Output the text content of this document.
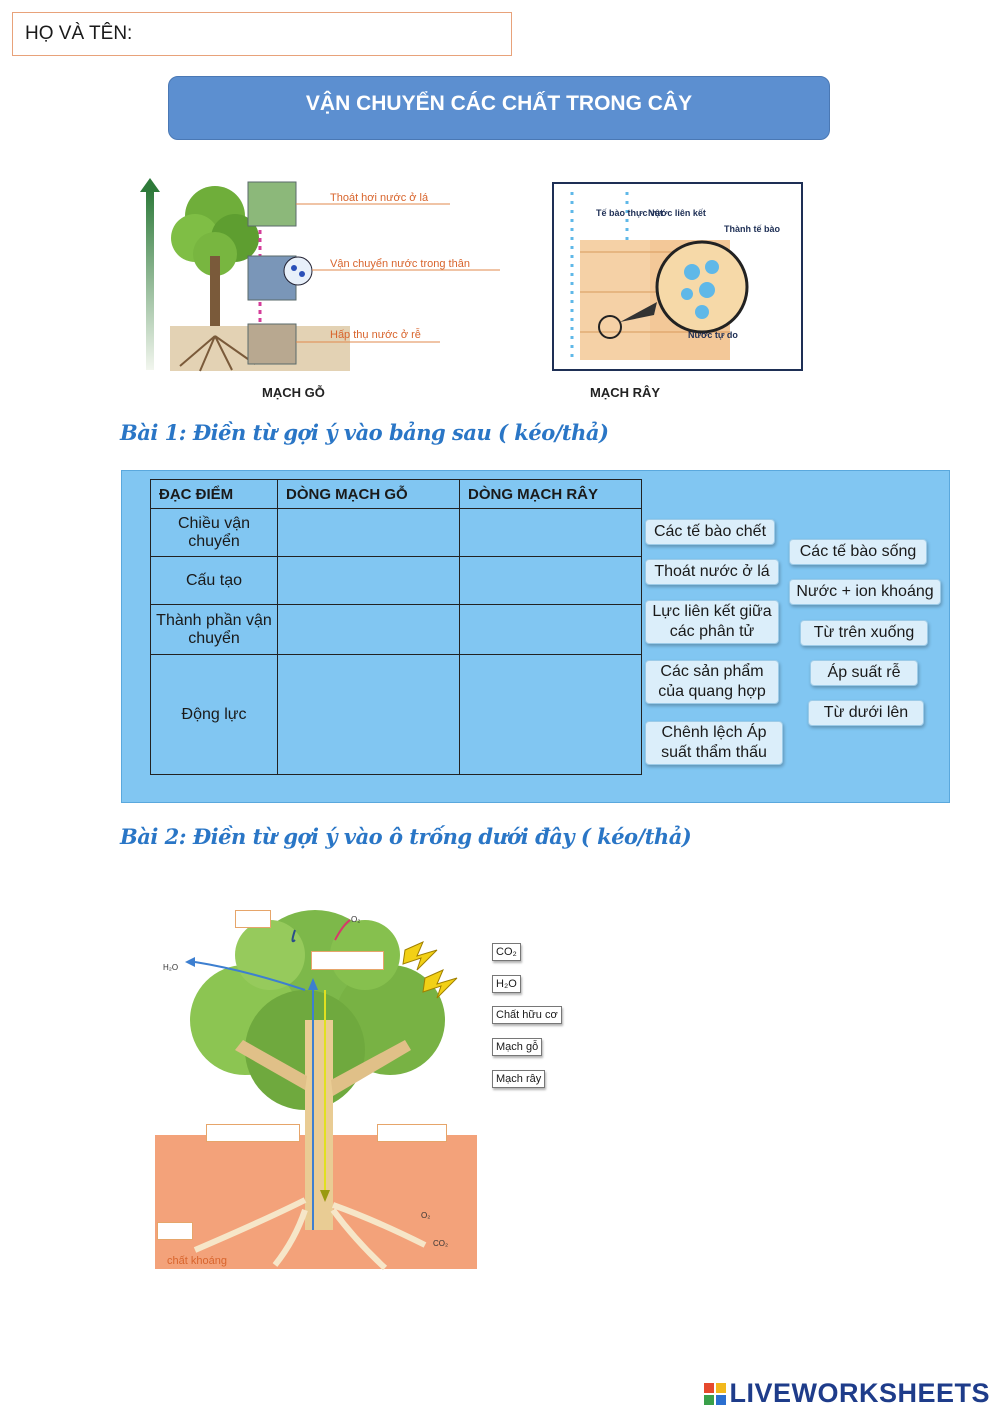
HỌ VÀ TÊN:
VẬN CHUYỂN CÁC CHẤT TRONG CÂY
Thoát hơi nước ở lá
Vận chuyển nước trong thân
Hấp thụ nước ở rễ
MẠCH GỖ
Tế bào thực vật
Nước liên kết
Thành tế bào
Nước tự do
MẠCH RÂY
Bài 1: Điền từ gợi ý vào bảng sau ( kéo/thả)
ĐẠC ĐIỂM	DÒNG MẠCH GỖ	DÒNG MẠCH RÂY
Chiều vận chuyển		
Cấu tạo		
Thành phần vận chuyển		
Động lực		
Các tế bào chết
Các tế bào sống
Thoát nước ở lá
Nước + ion khoáng
Lực liên kết giữa các phân tử	Từ trên xuống
Các sản phẩm của quang hợp
Áp suất rễ
Từ dưới lên
Chênh lệch Áp suất thẩm thấu
Bài 2: Điền từ gợi ý vào ô trống dưới đây ( kéo/thả)
H₂O
O₂
O₂
CO₂
chất khoáng
CO₂
H₂O
Chất hữu cơ
Mạch gỗ
Mạch rây
LIVEWORKSHEETS
